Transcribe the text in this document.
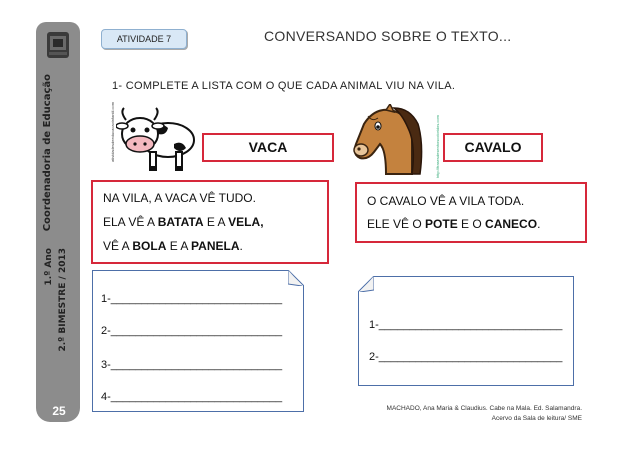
Coordenadoria de Educação
1.º Ano 2.º BIMESTRE / 2013
25
ATIVIDADE 7	CONVERSANDO SOBRE O TEXTO...
1- COMPLETE A LISTA COM O QUE CADA ANIMAL VIU NA VILA.
atividadesdeeducacaoinfantil.com	http://frasesdesenhoscoloridos.com
VACA	CAVALO
NA VILA, A VACA VÊ TUDO.
ELA VÊ A BATATA E A VELA,
VÊ A BOLA E A PANELA.
O CAVALO VÊ A VILA TODA.
ELE VÊ O POTE E O CANECO.
1-____________________________
2-____________________________
3-____________________________
4-____________________________
1-______________________________
2-______________________________
MACHADO, Ana Maria & Claudius. Cabe na Mala. Ed. Salamandra.
Acervo da Sala de leitura/ SME
